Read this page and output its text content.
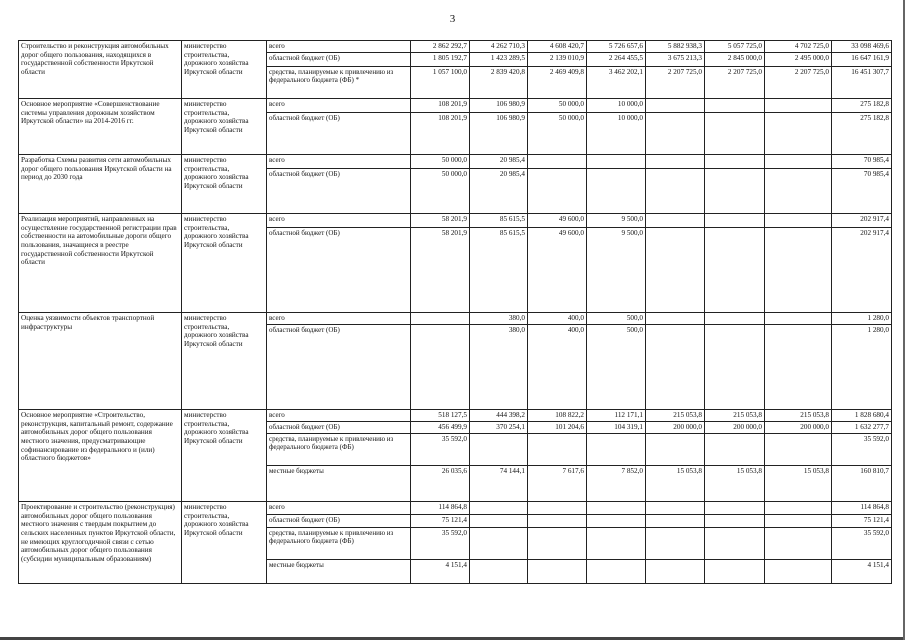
3
Строительство и реконструкция автомобильных дорог общего пользования, находящихся в государственной собственности Иркутской области	министерство строительства, дорожного хозяйства Иркутской области	всего	2 862 292,7	4 262 710,3	4 608 420,7	5 726 657,6	5 882 938,3	5 057 725,0	4 702 725,0	33 098 469,6
		областной бюджет (ОБ)	1 805 192,7	1 423 289,5	2 139 010,9	2 264 455,5	3 675 213,3	2 845 000,0	2 495 000,0	16 647 161,9
		средства, планируемые к привлечению из федерального бюджета (ФБ) *	1 057 100,0	2 839 420,8	2 469 409,8	3 462 202,1	2 207 725,0	2 207 725,0	2 207 725,0	16 451 307,7
Основное мероприятие «Совершенствование системы управления дорожным хозяйством Иркутской области» на 2014-2016 гг.	министерство строительства, дорожного хозяйства Иркутской области	всего	108 201,9	106 980,9	50 000,0	10 000,0				275 182,8
		областной бюджет (ОБ)	108 201,9	106 980,9	50 000,0	10 000,0				275 182,8
Разработка Схемы развития сети автомобильных дорог общего пользования Иркутской области на период до 2030 года	министерство строительства, дорожного хозяйства Иркутской области	всего	50 000,0	20 985,4						70 985,4
		областной бюджет (ОБ)	50 000,0	20 985,4						70 985,4
Реализация мероприятий, направленных на осуществление государственной регистрации прав собственности на автомобильные дороги общего пользования, значащиеся в реестре государственной собственности Иркутской области	министерство строительства, дорожного хозяйства Иркутской области	всего	58 201,9	85 615,5	49 600,0	9 500,0				202 917,4
		областной бюджет (ОБ)	58 201,9	85 615,5	49 600,0	9 500,0				202 917,4
Оценка уязвимости объектов транспортной инфраструктуры	министерство строительства, дорожного хозяйства Иркутской области	всего		380,0	400,0	500,0				1 280,0
		областной бюджет (ОБ)		380,0	400,0	500,0				1 280,0
Основное мероприятие «Строительство, реконструкция, капитальный ремонт, содержание автомобильных дорог общего пользования местного значения, предусматривающие софинансирование из федерального и (или) областного бюджетов»	министерство строительства, дорожного хозяйства Иркутской области	всего	518 127,5	444 398,2	108 822,2	112 171,1	215 053,8	215 053,8	215 053,8	1 828 680,4
		областной бюджет (ОБ)	456 499,9	370 254,1	101 204,6	104 319,1	200 000,0	200 000,0	200 000,0	1 632 277,7
		средства, планируемые к привлечению из федерального бюджета (ФБ)	35 592,0							35 592,0
		местные бюджеты	26 035,6	74 144,1	7 617,6	7 852,0	15 053,8	15 053,8	15 053,8	160 810,7
Проектирование и строительство (реконструкция) автомобильных дорог общего пользования местного значения с твердым покрытием до сельских населенных пунктов Иркутской области, не имеющих круглогодичной связи с сетью автомобильных дорог общего пользования (субсидии муниципальным образованиям)	министерство строительства, дорожного хозяйства Иркутской области	всего	114 864,8							114 864,8
		областной бюджет (ОБ)	75 121,4							75 121,4
		средства, планируемые к привлечению из федерального бюджета (ФБ)	35 592,0							35 592,0
		местные бюджеты	4 151,4							4 151,4
